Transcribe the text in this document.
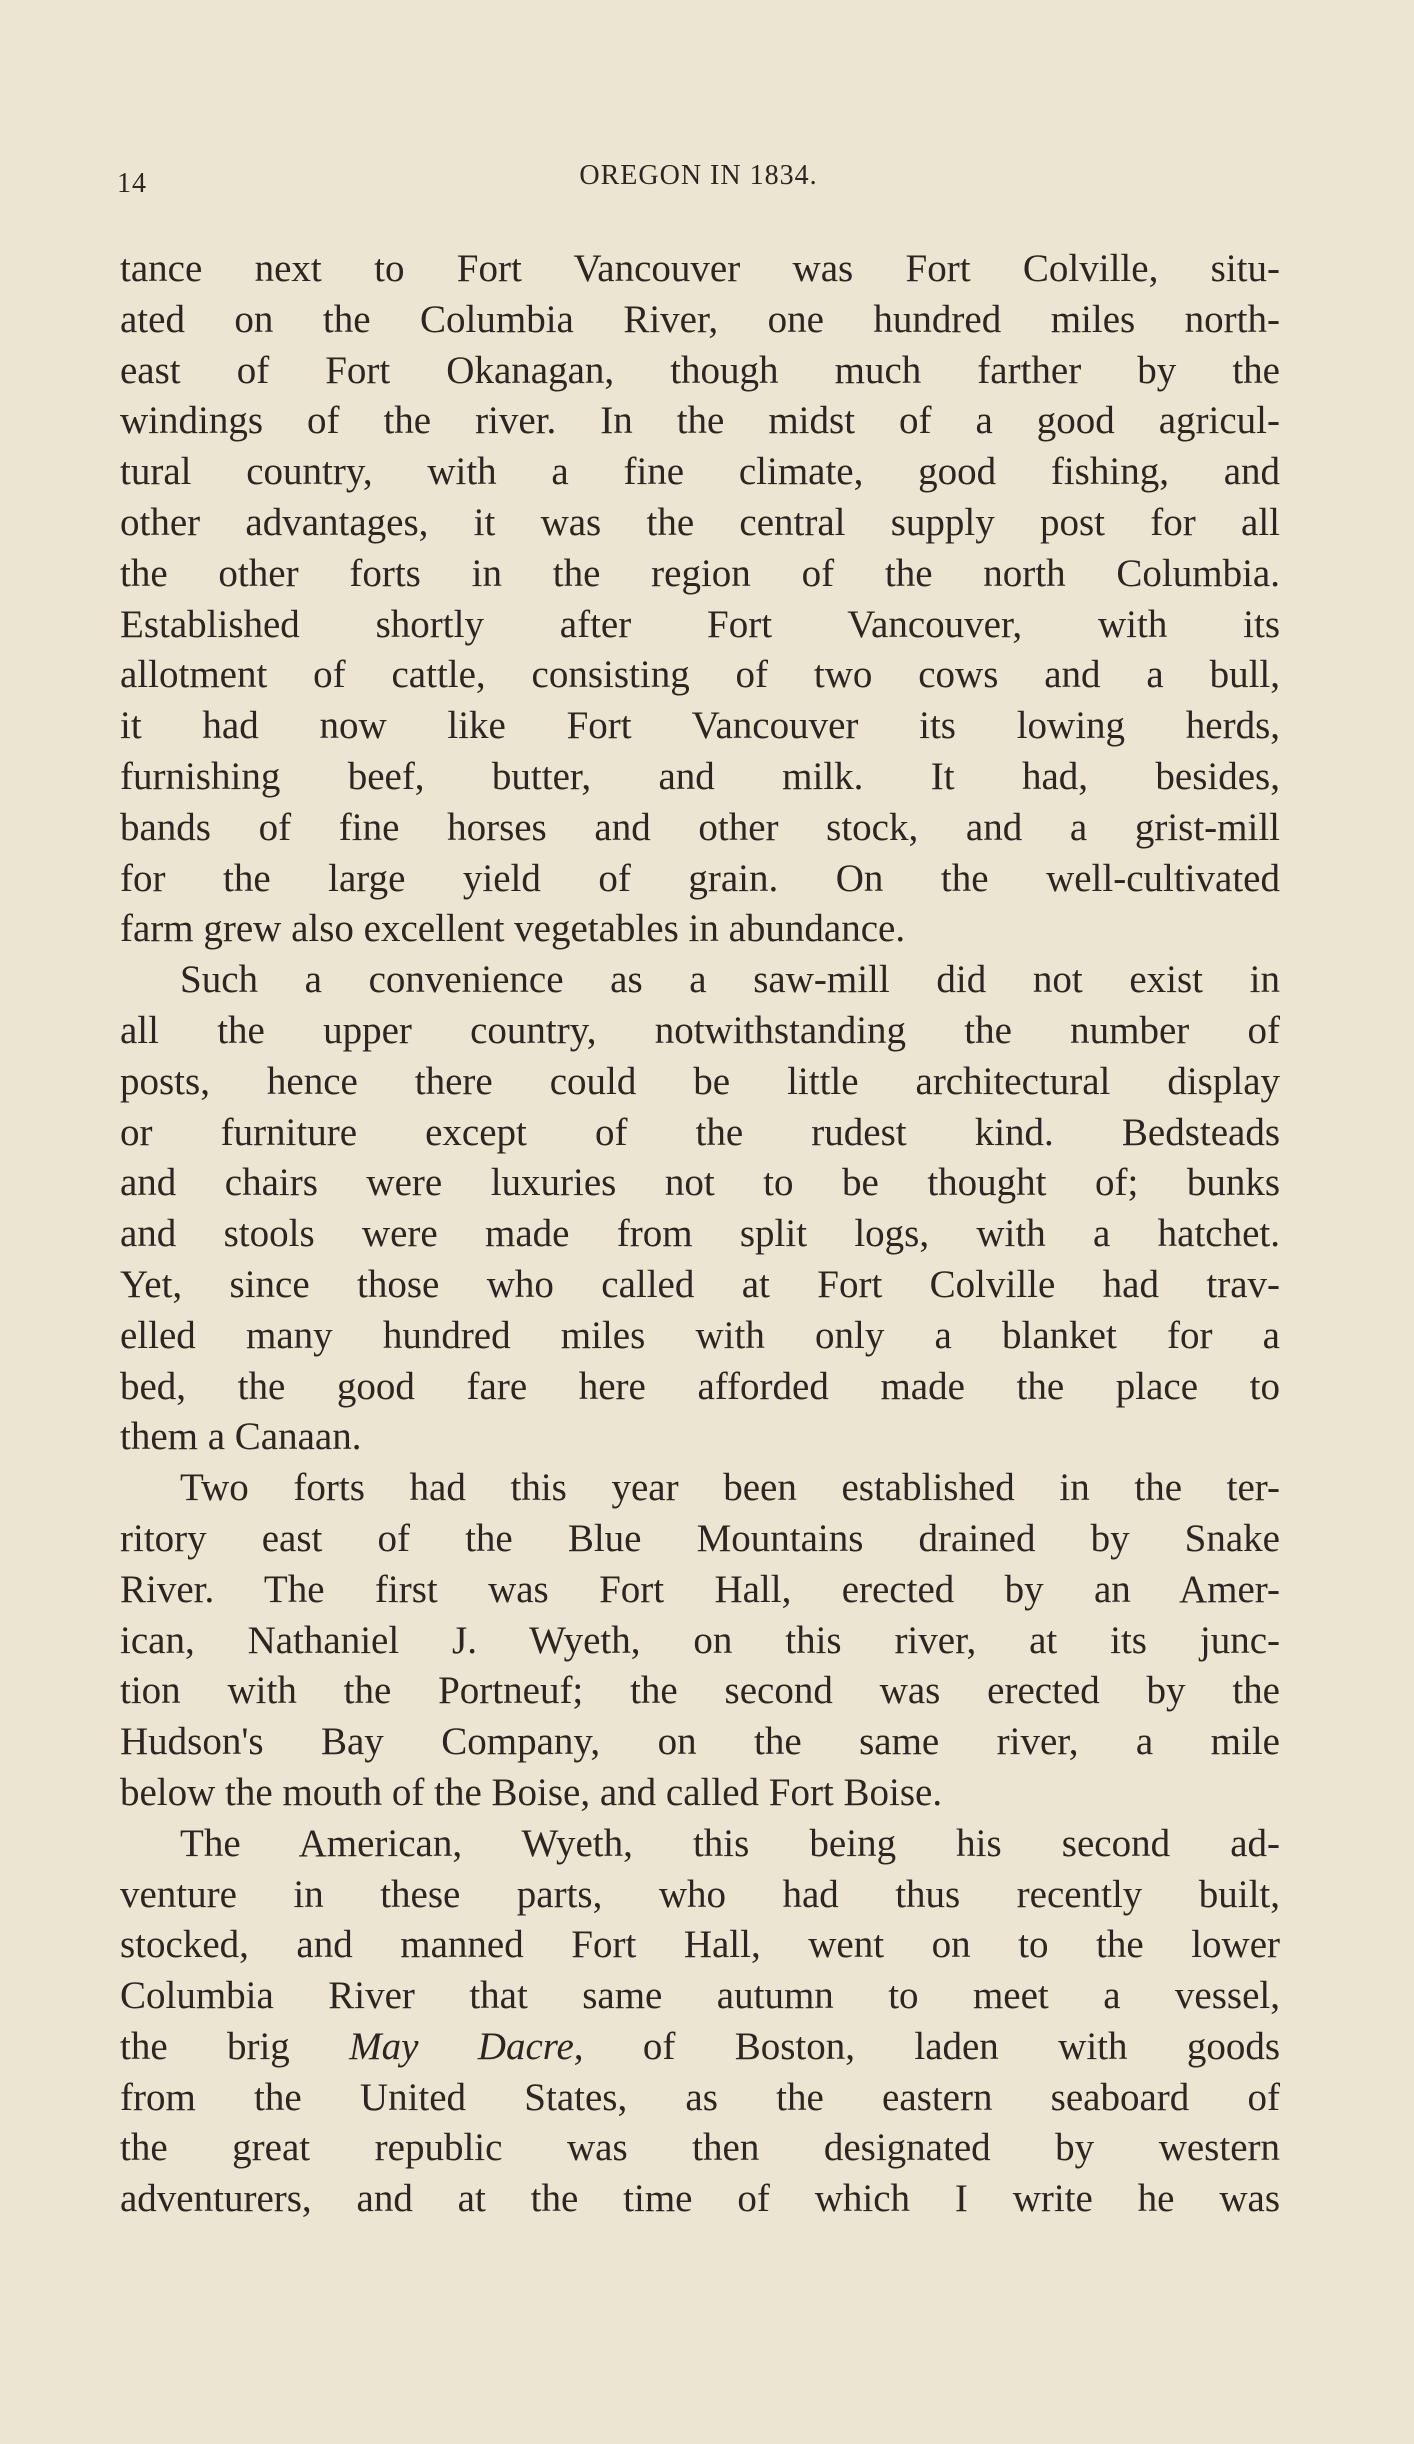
14	OREGON IN 1834.
tance next to Fort Vancouver was Fort Colville, situ-
ated on the Columbia River, one hundred miles north-
east of Fort Okanagan, though much farther by the
windings of the river. In the midst of a good agricul-
tural country, with a fine climate, good fishing, and
other advantages, it was the central supply post for all
the other forts in the region of the north Columbia.
Established shortly after Fort Vancouver, with its
allotment of cattle, consisting of two cows and a bull,
it had now like Fort Vancouver its lowing herds,
furnishing beef, butter, and milk. It had, besides,
bands of fine horses and other stock, and a grist-mill
for the large yield of grain. On the well-cultivated
farm grew also excellent vegetables in abundance.
Such a convenience as a saw-mill did not exist in
all the upper country, notwithstanding the number of
posts, hence there could be little architectural display
or furniture except of the rudest kind. Bedsteads
and chairs were luxuries not to be thought of; bunks
and stools were made from split logs, with a hatchet.
Yet, since those who called at Fort Colville had trav-
elled many hundred miles with only a blanket for a
bed, the good fare here afforded made the place to
them a Canaan.
Two forts had this year been established in the ter-
ritory east of the Blue Mountains drained by Snake
River. The first was Fort Hall, erected by an Amer-
ican, Nathaniel J. Wyeth, on this river, at its junc-
tion with the Portneuf; the second was erected by the
Hudson's Bay Company, on the same river, a mile
below the mouth of the Boise, and called Fort Boise.
The American, Wyeth, this being his second ad-
venture in these parts, who had thus recently built,
stocked, and manned Fort Hall, went on to the lower
Columbia River that same autumn to meet a vessel,
the brig May Dacre, of Boston, laden with goods
from the United States, as the eastern seaboard of
the great republic was then designated by western
adventurers, and at the time of which I write he was
